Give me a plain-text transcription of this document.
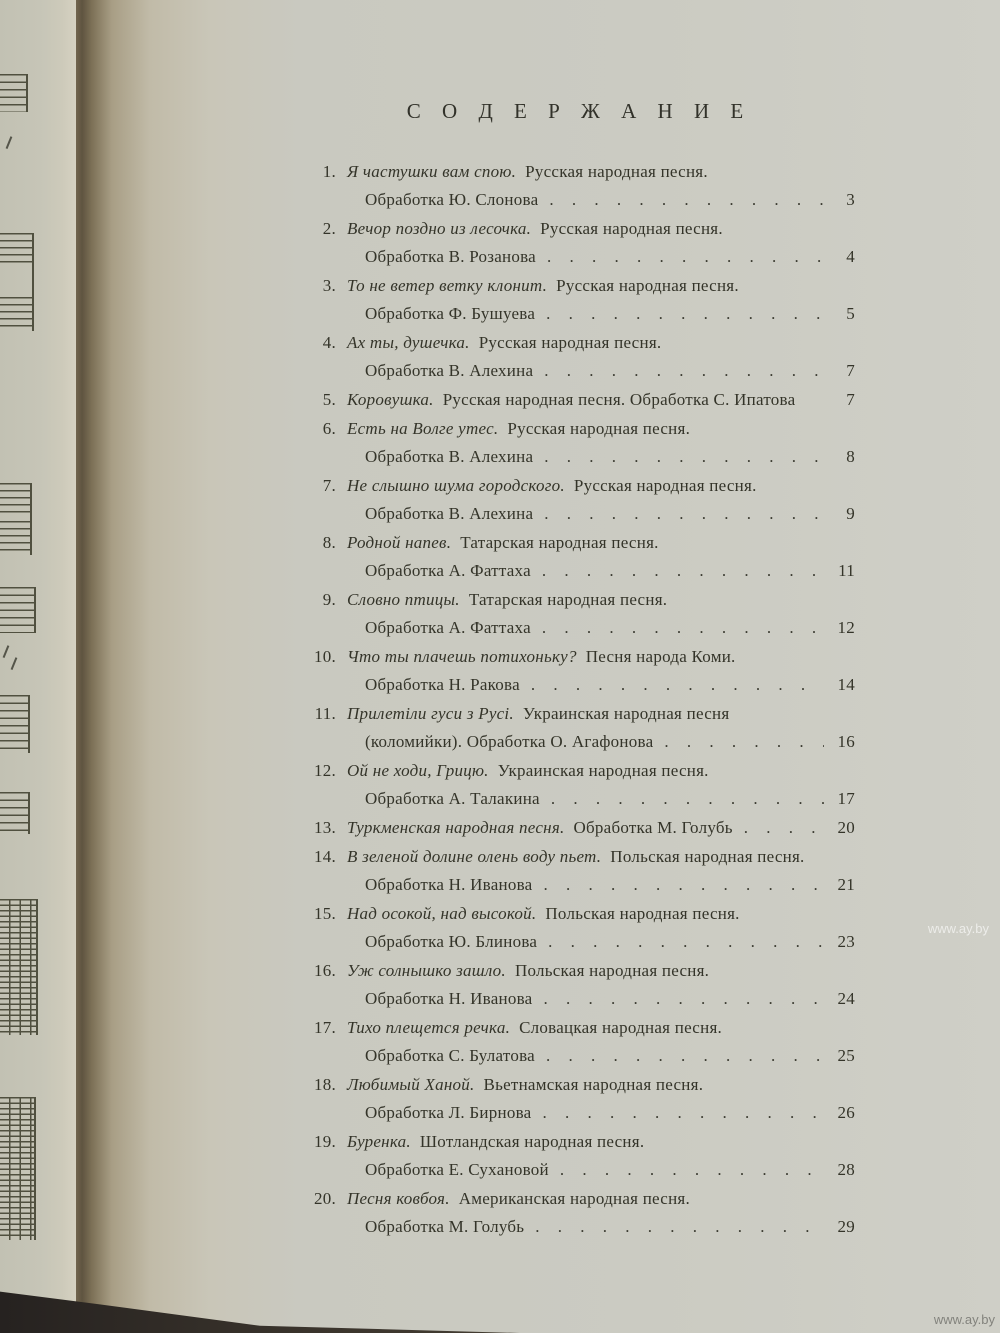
С О Д Е Р Ж А Н И Е
1. Я частушки вам спою. Русская народная песня.
Обработка Ю. Слонова . . .	3
2. Вечор поздно из лесочка. Русская народная песня.
Обработка В. Розанова . . .	4
3. То не ветер ветку клонит. Русская народная песня.
Обработка Ф. Бушуева . . .	5
4. Ах ты, душечка. Русская народная песня.
Обработка В. Алехина . . .	7
5. Коровушка. Русская народная песня. Обработка С. Ипатова	7
6. Есть на Волге утес. Русская народная песня.
Обработка В. Алехина . . .	8
7. Не слышно шума городского. Русская народная песня.
Обработка В. Алехина . . .	9
8. Родной напев. Татарская народная песня.
Обработка А. Фаттаха . . .	11
9. Словно птицы. Татарская народная песня.
Обработка А. Фаттаха . . .	12
10. Что ты плачешь потихоньку? Песня народа Коми.
Обработка Н. Ракова . . .	14
11. Прилетіли гуси з Русі. Украинская народная песня
(коломийки). Обработка О. Агафонова . . .	16
12. Ой не ходи, Грицю. Украинская народная песня.
Обработка А. Талакина . . .	17
13. Туркменская народная песня. Обработка М. Голубь . . .	20
14. В зеленой долине олень воду пьет. Польская народная песня.
Обработка Н. Иванова . . .	21
15. Над осокой, над высокой. Польская народная песня.
Обработка Ю. Блинова . . .	23
16. Уж солнышко зашло. Польская народная песня.
Обработка Н. Иванова . . .	24
17. Тихо плещется речка. Словацкая народная песня.
Обработка С. Булатова . . .	25
18. Любимый Ханой. Вьетнамская народная песня.
Обработка Л. Бирнова . . .	26
19. Буренка. Шотландская народная песня.
Обработка Е. Сухановой . . .	28
20. Песня ковбоя. Американская народная песня.
Обработка М. Голубь . . .	29
www.ay.by
www.ay.by
